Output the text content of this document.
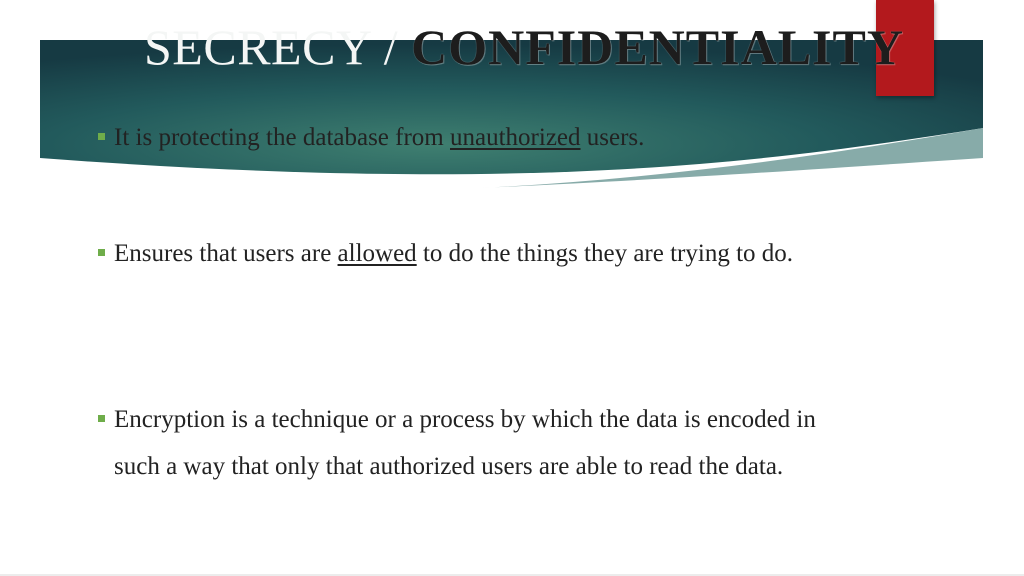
SECRECY / CONFIDENTIALITY
It is protecting the database from unauthorized users.
Ensures that users are allowed to do the things they are trying to do.
Encryption is a technique or a process by which the data is encoded in such a way that only that authorized users are able to read the data.
